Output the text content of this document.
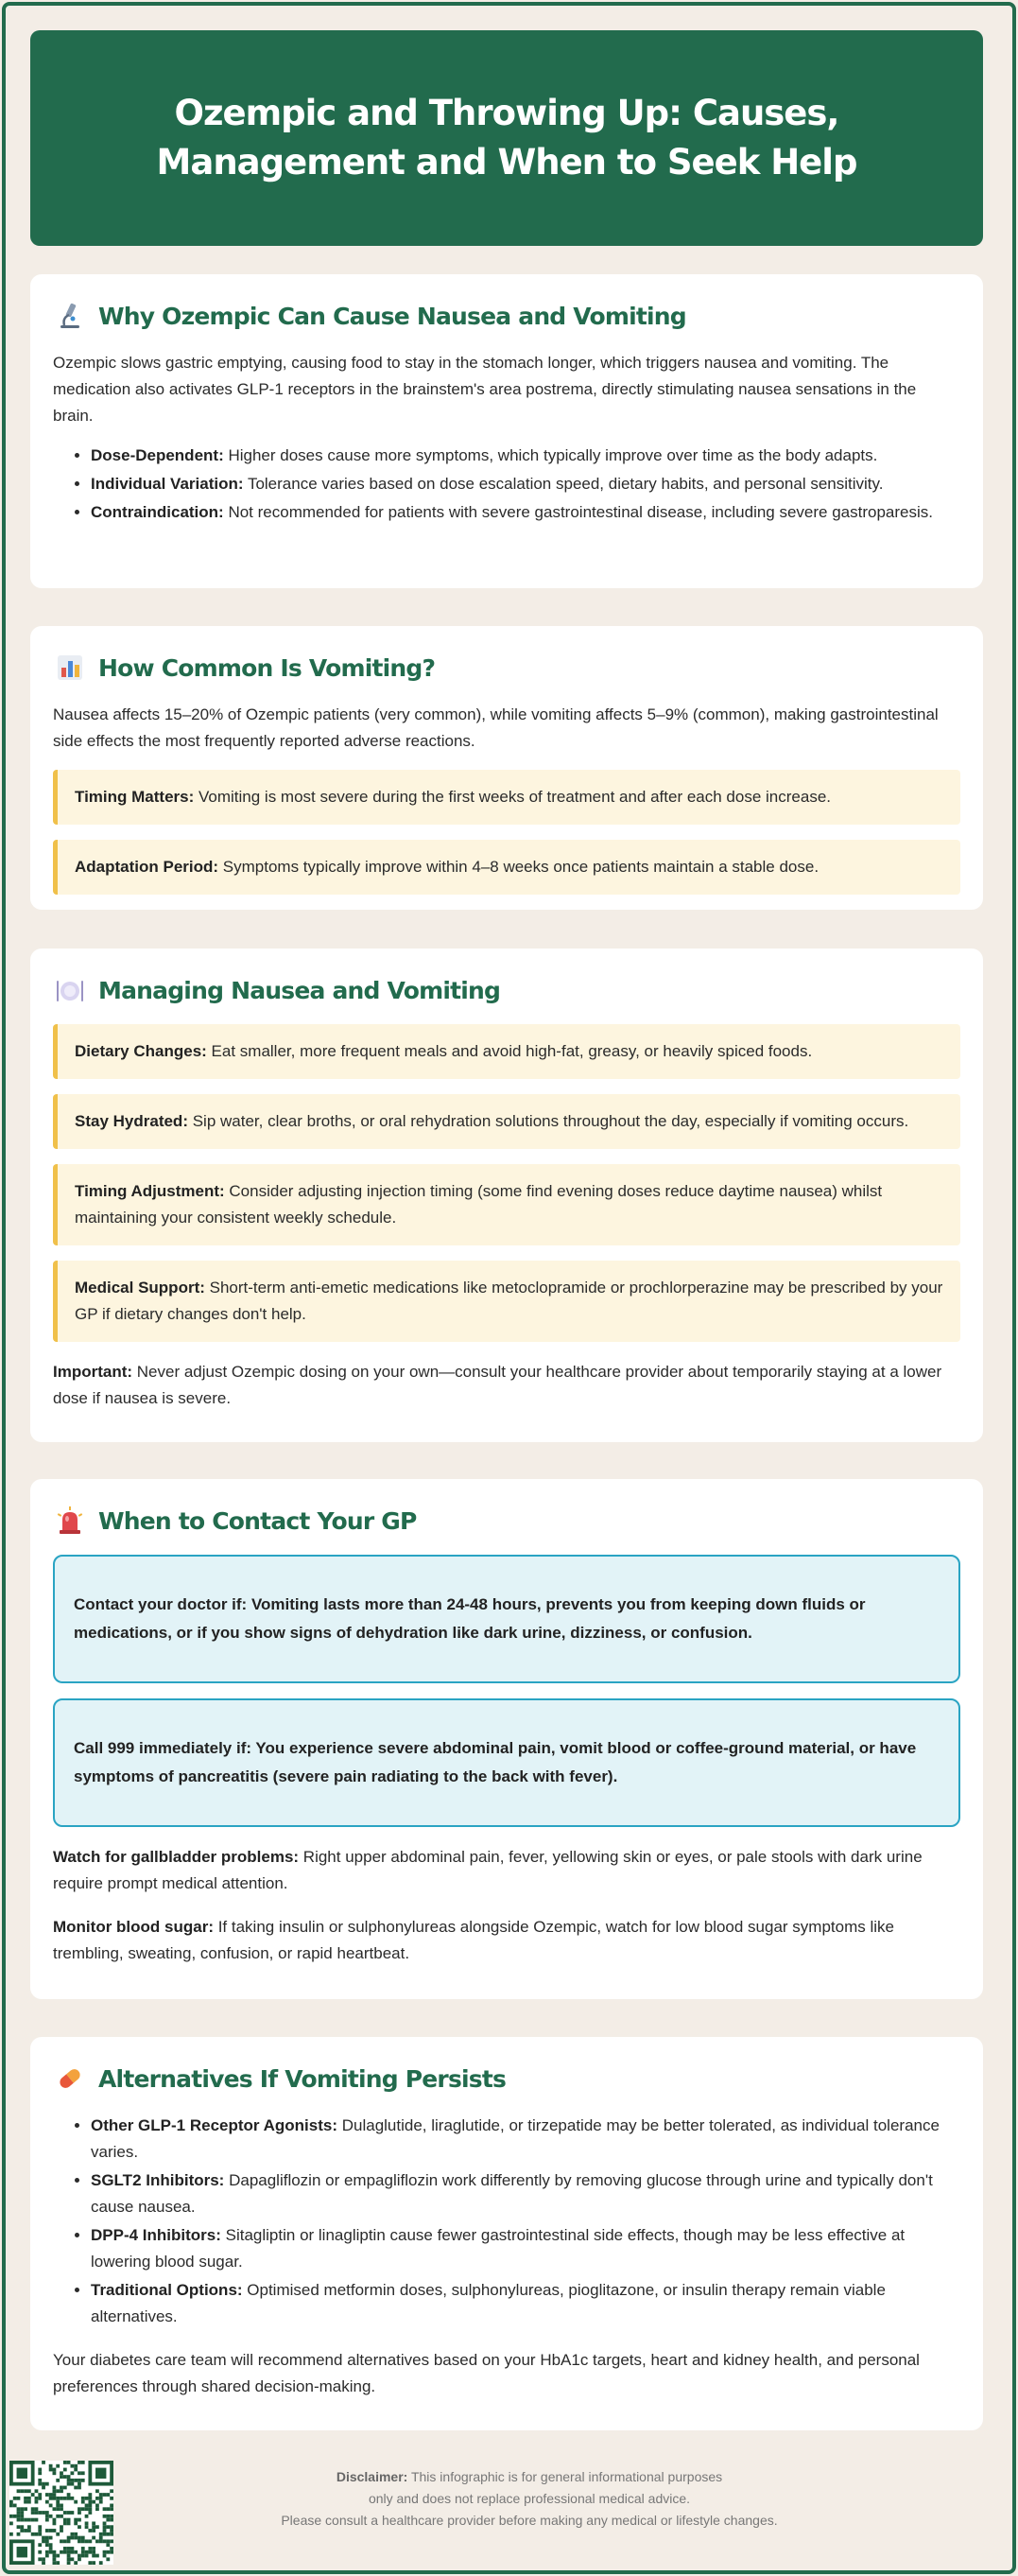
Ozempic and Throwing Up: Causes, Management and When to Seek Help
Why Ozempic Can Cause Nausea and Vomiting

Ozempic slows gastric emptying, causing food to stay in the stomach longer, which triggers nausea and vomiting. The medication also activates GLP-1 receptors in the brainstem's area postrema, directly stimulating nausea sensations in the brain.

• Dose-Dependent: Higher doses cause more symptoms, which typically improve over time as the body adapts.
• Individual Variation: Tolerance varies based on dose escalation speed, dietary habits, and personal sensitivity.
• Contraindication: Not recommended for patients with severe gastrointestinal disease, including severe gastroparesis.
How Common Is Vomiting?

Nausea affects 15–20% of Ozempic patients (very common), while vomiting affects 5–9% (common), making gastrointestinal side effects the most frequently reported adverse reactions.

Timing Matters: Vomiting is most severe during the first weeks of treatment and after each dose increase.
Adaptation Period: Symptoms typically improve within 4–8 weeks once patients maintain a stable dose.
Managing Nausea and Vomiting
Dietary Changes: Eat smaller, more frequent meals and avoid high-fat, greasy, or heavily spiced foods.
Stay Hydrated: Sip water, clear broths, or oral rehydration solutions throughout the day, especially if vomiting occurs.
Timing Adjustment: Consider adjusting injection timing (some find evening doses reduce daytime nausea) whilst maintaining your consistent weekly schedule.
Medical Support: Short-term anti-emetic medications like metoclopramide or prochlorperazine may be prescribed by your GP if dietary changes don't help.

Important: Never adjust Ozempic dosing on your own—consult your healthcare provider about temporarily staying at a lower dose if nausea is severe.

When to Contact Your GP
Contact your doctor if: Vomiting lasts more than 24-48 hours, prevents you from keeping down fluids or medications, or if you show signs of dehydration like dark urine, dizziness, or confusion.
Call 999 immediately if: You experience severe abdominal pain, vomit blood or coffee-ground material, or have symptoms of pancreatitis (severe pain radiating to the back with fever).

Watch for gallbladder problems: Right upper abdominal pain, fever, yellowing skin or eyes, or pale stools with dark urine require prompt medical attention.

Monitor blood sugar: If taking insulin or sulphonylureas alongside Ozempic, watch for low blood sugar symptoms like trembling, sweating, confusion, or rapid heartbeat.

Alternatives If Vomiting Persists
• Other GLP-1 Receptor Agonists: Dulaglutide, liraglutide, or tirzepatide may be better tolerated, as individual tolerance varies.
• SGLT2 Inhibitors: Dapagliflozin or empagliflozin work differently by removing glucose through urine and typically don't cause nausea.
• DPP-4 Inhibitors: Sitagliptin or linagliptin cause fewer gastrointestinal side effects, though may be less effective at lowering blood sugar.
• Traditional Options: Optimised metformin doses, sulphonylureas, pioglitazone, or insulin therapy remain viable alternatives.

Your diabetes care team will recommend alternatives based on your HbA1c targets, heart and kidney health, and personal preferences through shared decision-making.

Disclaimer: This infographic is for general informational purposes
only and does not replace professional medical advice.
Please consult a healthcare provider before making any medical or lifestyle changes.
